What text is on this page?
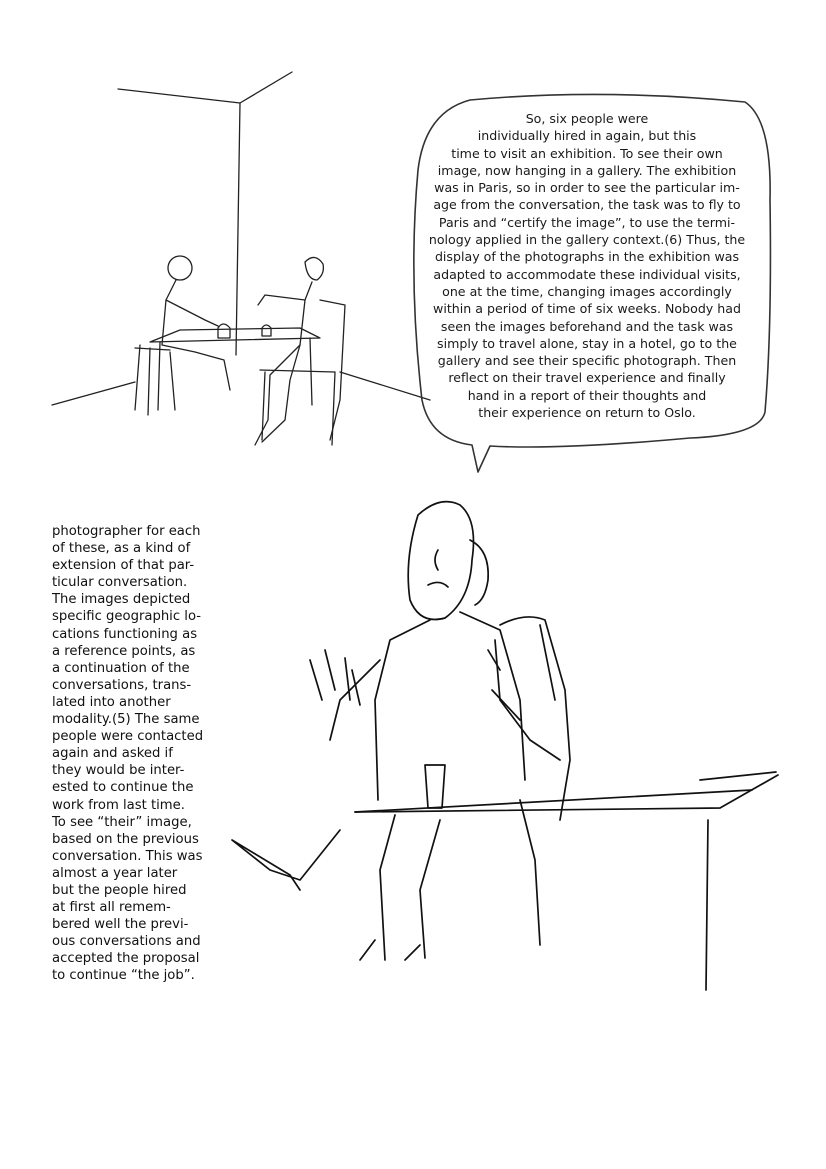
So, six people were
individually hired in again, but this
time to visit an exhibition. To see their own
image, now hanging in a gallery. The exhibition
was in Paris, so in order to see the particular im-
age from the conversation, the task was to fly to
Paris and “certify the image”, to use the termi-
nology applied in the gallery context.(6) Thus, the
display of the photographs in the exhibition was
adapted to accommodate these individual visits,
one at the time, changing images accordingly
within a period of time of six weeks. Nobody had
seen the images beforehand and the task was
simply to travel alone, stay in a hotel, go to the
gallery and see their specific photograph. Then
reflect on their travel experience and finally
hand in a report of their thoughts and
their experience on return to Oslo.
photographer for each
of these, as a kind of
extension of that par-
ticular conversation.
The images depicted
specific geographic lo-
cations functioning as
a reference points, as
a continuation of the
conversations, trans-
lated into another
modality.(5) The same
people were contacted
again and asked if
they would be inter-
ested to continue the
work from last time.
To see “their” image,
based on the previous
conversation. This was
almost a year later
but the people hired
at first all remem-
bered well the previ-
ous conversations and
accepted the proposal
to continue “the job”.
